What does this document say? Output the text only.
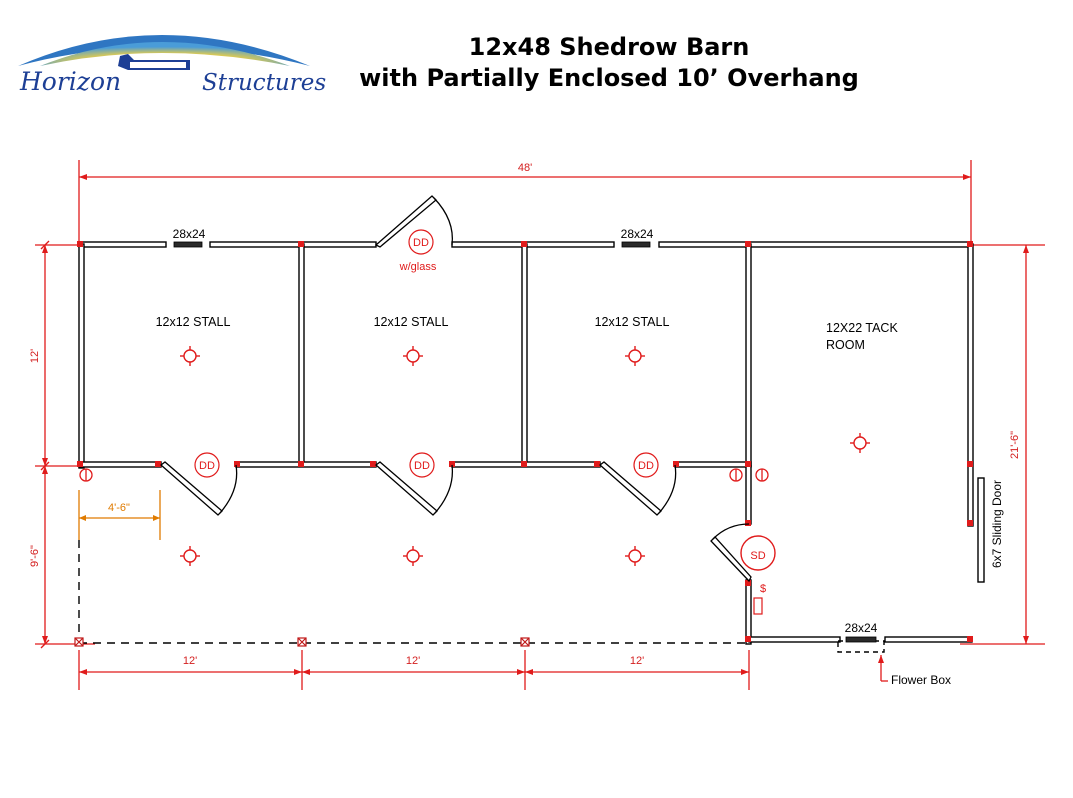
Horizon	Structures
12x48 Shedrow Barn
with Partially Enclosed 10’ Overhang
48'
12'
9'-6"
21'-6"
12'	12'	12'
4'-6"
28x24	28x24
28x24
DD
w/glass
DD	DD	DD
SD
$
6x7 Sliding Door
12x12 STALL	12x12 STALL	12x12 STALL	12X22 TACK
ROOM
Flower Box
